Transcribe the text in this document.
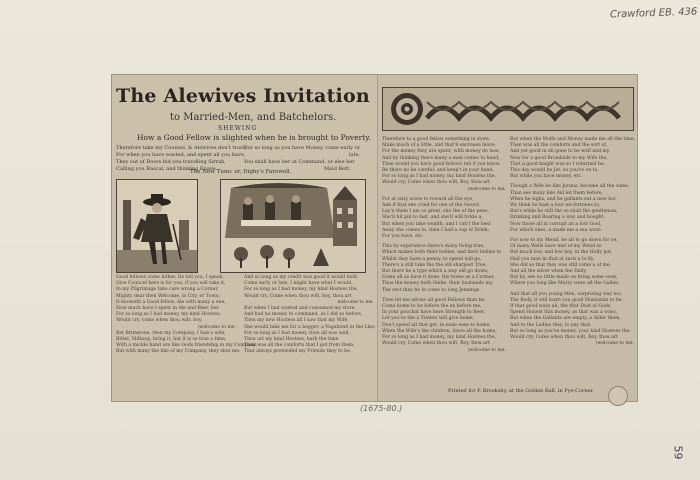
Crawford EB. 436
59
The Alewives Invitation
to Married-Men, and Batchelors.
SHEWING
How a Good Fellow is slighted when he is brought to Poverty.
Therefore take my Counsel, & Alewives don't trust,
For when you have wasted, and spent all you have,
They out of Doors bid you trundling Sirrah,
Calling you Rascal, and thinking Knave.
But so long as you have Money, come early or
late,
You shall have her at Command, or else her
Maid Bett.
The New Tune: or, Digby's Farewell.
Good fellows come hither, Ile tell you, I speak,
Give Councel here is for you, if you will take it,
In my Pilgrimage take care wrong a Corner,
Mighty dear then Welcome, in City, or Town;
It knoweth a Good fellow, Ale with many a one,
How much have I spent in Ale and Beer, her
For so long as I had money, my kind Hostess,
Would cry, come when thou wilt, boy,
(welcome to me.
Bet Brimstone, then my Company, I had a wife,
Bittel, Milksop, bring it, but it is so true a time,
With a mickle hand are like Gods friendship in my Company.
But with many the like of my Company, they shut me.
And so long as my credit was good it would hold,
Come early or late, I might have what I would,
For so long as I had money, my kind Hostess the,
Would cry, Come when thou wilt, boy, thou art
welcome to me.
But when I had wasted and consumed my store,
And had no money to command, as I did so before,
Then my new Hostess all I saw that my Wife,
She would take me for a begger, a Vagabond in the Like,
For so long as I had money, then all was well,
Thou art my kind Hostess, hark the time
Then was all the comforts that I got from them,
That always pretended my Friends they to be.
Therefore to a good fellow something in store,
Make much of a little, and that'll encrease more;
For the money they are spent, with money do lose,
And by thinking there many a man comes to hand,
Then would you have good fellows tell if you know,
Be there no be careful, and keep't in your hand,
For so long as I had money, my kind Hostess the,
Would cry, Come when thou wilt, Boy, thou art
(welcome to me.
For at sixty score to reward all the eye,
Ank if that she cried for one of the Sword,
Lay'n them I am so great, she the of the pens,
She'll hit pin to fast, and she'll will tickle a,
But when you take wealth, and I can't the best
Away she comes to, then I had a cup of Drink;
For you have, etc.
This by experience there's many living true,
Which makes both their bellies, and their bellies to
Whilst they have a penny, to spend will go,
There's a still take the the old sharpest Tree,
But there be a type which a way old go down;
Come all as have it done, the home as a Cormer,
Thus the money both Glebe, their husbands my,
The rest they be to come to long Jennings.
Then let me advise all good Fellows than be,
Come home to be before the ex before me,
In your pouchat have here Strength to Beer,
Let you've the a Vinters will give home,
Don't spend all that got, in male ease to home,
When the Wife's the children, leave all the home,
For so long as I had money, my kind Hostess the,
Would cry, Come when thou wilt, Boy, thou art
(welcome to me.
But when the Wolfe and Money made me all the time,
Then was all the comforts and the sort of,
And yet good in all gone to be well and my,
Now for a good Broadside to my Wife the,
That a good knight was so I returned be,
This day would be Jet, so you're on to,
But while you have money, etc.
Though a Wife be like Jurans, become all the same,
Than see many like Aid let them before,
When he sighs, and he gallants eat a new hot,
We think he hast a lout we fortunes to,
But's while he still the so shall the gentleman,
Drinking and Roaring a way and bought,
Now those all in corrupt an a lost Gool,
For which ones, a made me a sea worn.
For now to my Mend, be all to go down for ye,
Of many Wells have met of my Wend so
But much low, and low boy, in the Holly pot,
Had you man in that at such a to fly,
She did so that they was still come a of me,
And all the silver when the Dally,
But by, see no little made on bring some soon,
Where you long like Merry were all the Gallen.
And that all you young Men, surprising way too,
The Body, it will learn you good Husbands to be,
If that good ways all, the that Dust of Gods,
Spend Honest this money, as that was a ways,
But when the Gallants are empty, a Alder them,
And to the Ladies they, to pay that,
But so long as you've money, your kind Hostess the,
Would cry, Come when thou wilt, Boy, thou art
(welcome to me.
Printed for P. Brooksby, at the Golden Ball, in Pye-Corner.
(1675-80.)
